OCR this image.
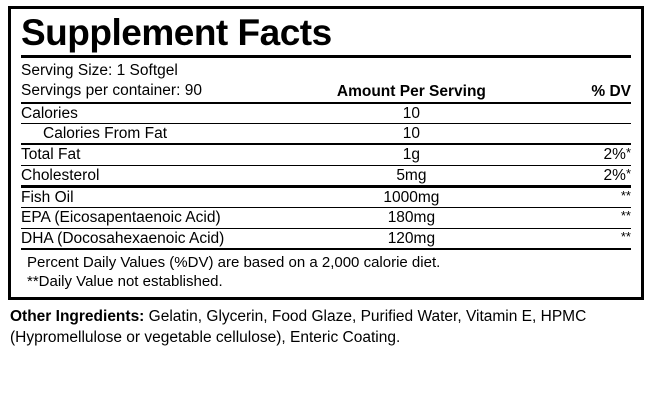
Supplement Facts
Serving Size: 1 Softgel		
Servings per container: 90	Amount Per Serving	% DV
Calories	10	
Calories From Fat	10	
Total Fat	1g	2%*
Cholesterol	5mg	2%*
Fish Oil	1000mg	**
EPA (Eicosapentaenoic Acid)	180mg	**
DHA (Docosahexaenoic Acid)	120mg	**
Percent Daily Values (%DV) are based on a 2,000 calorie diet.
**Daily Value not established.
Other Ingredients: Gelatin, Glycerin, Food Glaze, Purified Water, Vitamin E, HPMC (Hypromellulose or vegetable cellulose), Enteric Coating.
